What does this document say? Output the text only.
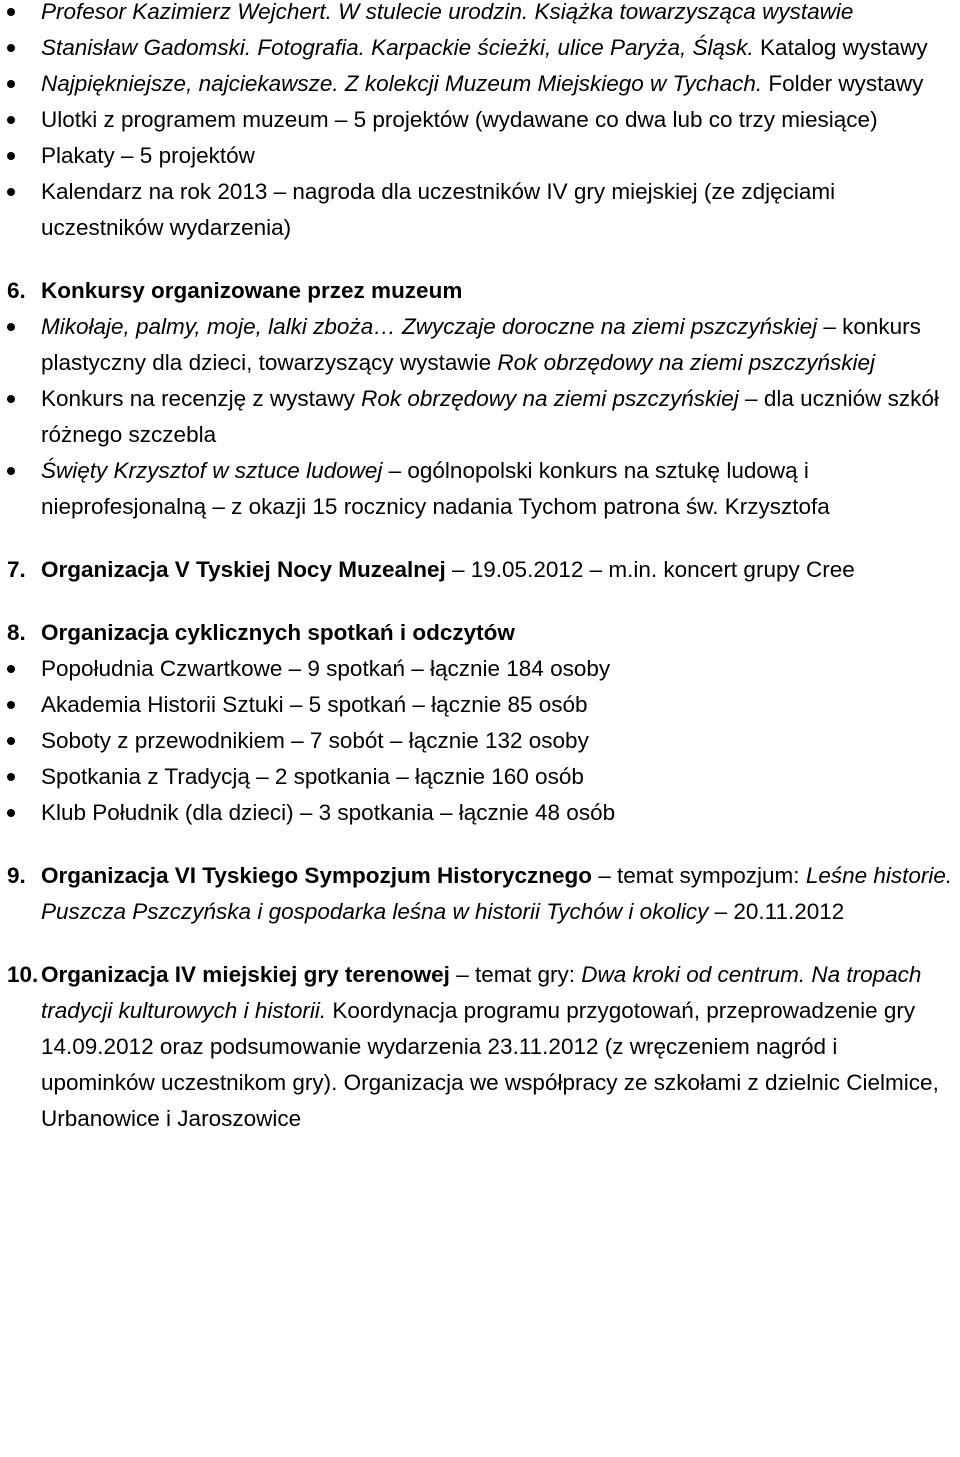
Profesor Kazimierz Wejchert. W stulecie urodzin. Książka towarzysząca wystawie
Stanisław Gadomski. Fotografia. Karpackie ścieżki, ulice Paryża, Śląsk. Katalog wystawy
Najpiękniejsze, najciekawsze. Z kolekcji Muzeum Miejskiego w Tychach. Folder wystawy
Ulotki z programem muzeum – 5 projektów (wydawane co dwa lub co trzy miesiące)
Plakaty – 5 projektów
Kalendarz na rok 2013 – nagroda dla uczestników IV gry miejskiej (ze zdjęciami uczestników wydarzenia)
6. Konkursy organizowane przez muzeum
Mikołaje, palmy, moje, lalki zboża… Zwyczaje doroczne na ziemi pszczyńskiej – konkurs plastyczny dla dzieci, towarzyszący wystawie Rok obrzędowy na ziemi pszczyńskiej
Konkurs na recenzję z wystawy Rok obrzędowy na ziemi pszczyńskiej – dla uczniów szkół różnego szczebla
Święty Krzysztof w sztuce ludowej – ogólnopolski konkurs na sztukę ludową i nieprofesjonalną – z okazji 15 rocznicy nadania Tychom patrona św. Krzysztofa
7. Organizacja V Tyskiej Nocy Muzealnej – 19.05.2012 – m.in. koncert grupy Cree
8. Organizacja cyklicznych spotkań i odczytów
Popołudnia Czwartkowe – 9 spotkań – łącznie 184 osoby
Akademia Historii Sztuki – 5 spotkań – łącznie 85 osób
Soboty z przewodnikiem – 7 sobót – łącznie 132 osoby
Spotkania z Tradycją – 2 spotkania – łącznie 160 osób
Klub Południk (dla dzieci) – 3 spotkania – łącznie 48 osób
9. Organizacja VI Tyskiego Sympozjum Historycznego – temat sympozjum: Leśne historie. Puszcza Pszczyńska i gospodarka leśna w historii Tychów i okolicy – 20.11.2012
10. Organizacja IV miejskiej gry terenowej – temat gry: Dwa kroki od centrum. Na tropach tradycji kulturowych i historii. Koordynacja programu przygotowań, przeprowadzenie gry 14.09.2012 oraz podsumowanie wydarzenia 23.11.2012 (z wręczeniem nagród i upominków uczestnikom gry). Organizacja we współpracy ze szkołami z dzielnic Cielmice, Urbanowice i Jaroszowice
